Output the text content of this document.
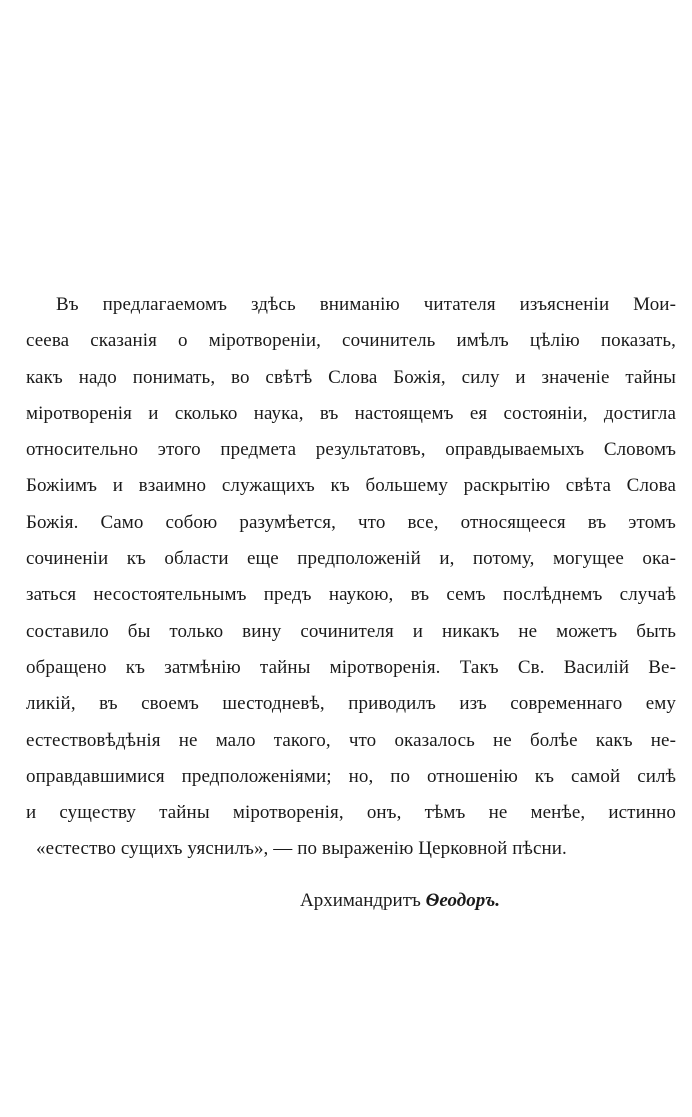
Въ предлагаемомъ здѣсь вниманію читателя изъясненіи Мои-
сеева сказанія о міротвореніи, сочинитель имѣлъ цѣлію показать,
какъ надо понимать, во свѣтѣ Слова Божія, силу и значеніе тайны
міротворенія и сколько наука, въ настоящемъ ея состояніи, достигла
относительно этого предмета результатовъ, оправдываемыхъ Словомъ
Божіимъ и взаимно служащихъ къ большему раскрытію свѣта Слова
Божія. Само собою разумѣется, что все, относящееся въ этомъ
сочиненіи къ области еще предположеній и, потому, могущее ока-
заться несостоятельнымъ предъ наукою, въ семъ послѣднемъ случаѣ
составило бы только вину сочинителя и никакъ не можетъ быть
обращено къ затмѣнію тайны міротворенія. Такъ Св. Василій Ве-
ликій, въ своемъ шестодневѣ, приводилъ изъ современнаго ему
естествовѣдѣнія не мало такого, что оказалось не болѣе какъ не-
оправдавшимися предположеніями; но, по отношенію къ самой силѣ
и существу тайны міротворенія, онъ, тѣмъ не менѣе, истинно
«естество сущихъ уяснилъ», — по выраженію Церковной пѣсни.
Архимандритъ Ѳеодоръ.
